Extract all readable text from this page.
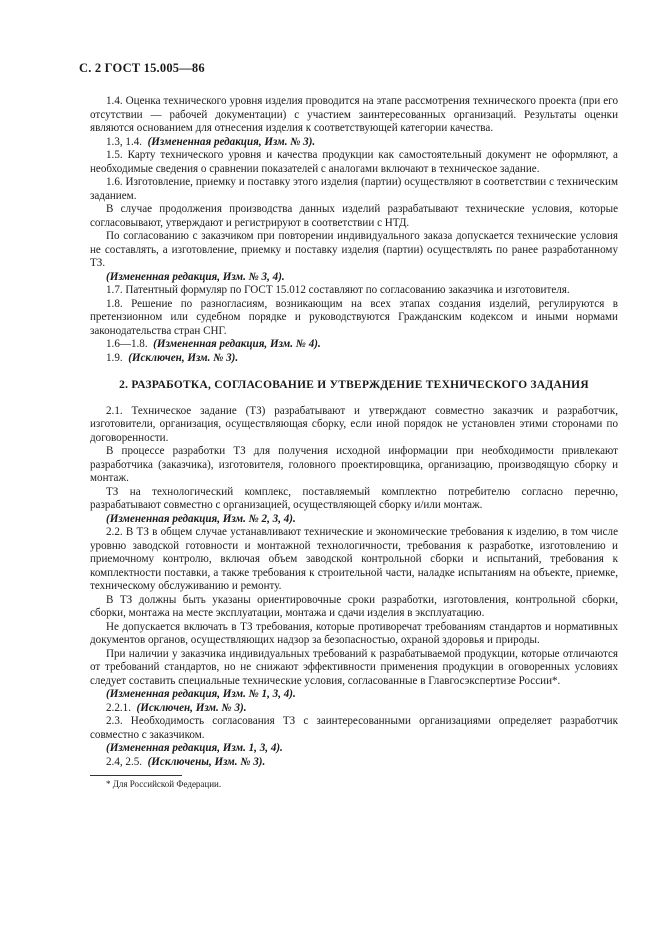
С. 2 ГОСТ 15.005—86

1.4. Оценка технического уровня изделия проводится на этапе рассмотрения технического проекта (при его отсутствии — рабочей документации) с участием заинтересованных организаций. Результаты оценки являются основанием для отнесения изделия к соответствующей категории качества.

1.3, 1.4. (Измененная редакция, Изм. № 3).

1.5. Карту технического уровня и качества продукции как самостоятельный документ не оформляют, а необходимые сведения о сравнении показателей с аналогами включают в техническое задание.

1.6. Изготовление, приемку и поставку этого изделия (партии) осуществляют в соответствии с техническим заданием.

В случае продолжения производства данных изделий разрабатывают технические условия, которые согласовывают, утверждают и регистрируют в соответствии с НТД.

По согласованию с заказчиком при повторении индивидуального заказа допускается технические условия не составлять, а изготовление, приемку и поставку изделия (партии) осуществлять по ранее разработанному ТЗ.

(Измененная редакция, Изм. № 3, 4).

1.7. Патентный формуляр по ГОСТ 15.012 составляют по согласованию заказчика и изготовителя.

1.8. Решение по разногласиям, возникающим на всех этапах создания изделий, регулируются в претензионном или судебном порядке и руководствуются Гражданским кодексом и иными нормами законодательства стран СНГ.

1.6—1.8. (Измененная редакция, Изм. № 4).

1.9. (Исключен, Изм. № 3).

2. РАЗРАБОТКА, СОГЛАСОВАНИЕ И УТВЕРЖДЕНИЕ ТЕХНИЧЕСКОГО ЗАДАНИЯ

2.1. Техническое задание (ТЗ) разрабатывают и утверждают совместно заказчик и разработчик, изготовители, организация, осуществляющая сборку, если иной порядок не установлен этими сторонами по договоренности.

В процессе разработки ТЗ для получения исходной информации при необходимости привлекают разработчика (заказчика), изготовителя, головного проектировщика, организацию, производящую сборку и монтаж.

ТЗ на технологический комплекс, поставляемый комплектно потребителю согласно перечню, разрабатывают совместно с организацией, осуществляющей сборку и/или монтаж.

(Измененная редакция, Изм. № 2, 3, 4).

2.2. В ТЗ в общем случае устанавливают технические и экономические требования к изделию, в том числе уровню заводской готовности и монтажной технологичности, требования к разработке, изготовлению и приемочному контролю, включая объем заводской контрольной сборки и испытаний, требования к комплектности поставки, а также требования к строительной части, наладке испытаниям на объекте, приемке, техническому обслуживанию и ремонту.

В ТЗ должны быть указаны ориентировочные сроки разработки, изготовления, контрольной сборки, сборки, монтажа на месте эксплуатации, монтажа и сдачи изделия в эксплуатацию.

Не допускается включать в ТЗ требования, которые противоречат требованиям стандартов и нормативных документов органов, осуществляющих надзор за безопасностью, охраной здоровья и природы.

При наличии у заказчика индивидуальных требований к разрабатываемой продукции, которые отличаются от требований стандартов, но не снижают эффективности применения продукции в оговоренных условиях следует составить специальные технические условия, согласованные в Главгосэкспертизе России*.

(Измененная редакция, Изм. № 1, 3, 4).

2.2.1. (Исключен, Изм. № 3).

2.3. Необходимость согласования ТЗ с заинтересованными организациями определяет разработчик совместно с заказчиком.

(Измененная редакция, Изм. 1, 3, 4).

2.4, 2.5. (Исключены, Изм. № 3).

* Для Российской Федерации.
